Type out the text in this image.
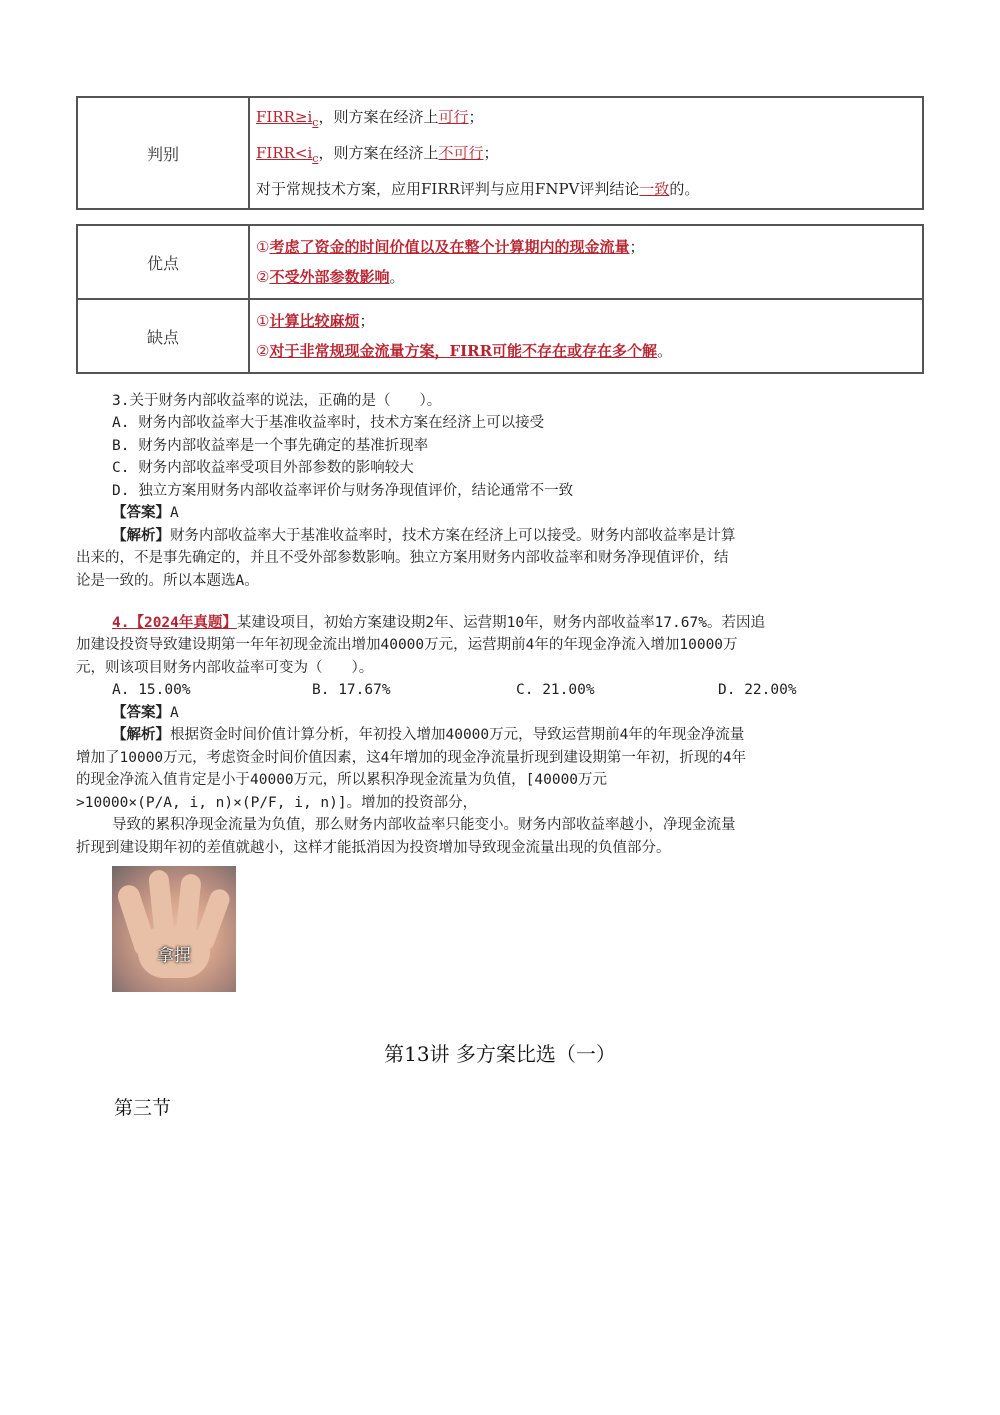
判别	
$FIRR\ge i_c$，则方案在经济上可行；
$FIRR<i_c$，则方案在经济上不可行；
对于常规技术方案，应用FIRR评判与应用FNPV评判结论一致的。
优点	①考虑了资金的时间价值以及在整个计算期内的现金流量；
②不受外部参数影响。

缺点	①计算比较麻烦；
②对于非常规现金流量方案，FIRR可能不存在或存在多个解。
3.关于财务内部收益率的说法，正确的是（　　）。
A. 财务内部收益率大于基准收益率时，技术方案在经济上可以接受
B. 财务内部收益率是一个事先确定的基准折现率
C. 财务内部收益率受项目外部参数的影响较大
D. 独立方案用财务内部收益率评价与财务净现值评价，结论通常不一致
【答案】A
【解析】财务内部收益率大于基准收益率时，技术方案在经济上可以接受。财务内部收益率是计算
出来的，不是事先确定的，并且不受外部参数影响。独立方案用财务内部收益率和财务净现值评价，结
论是一致的。所以本题选A。
4.【2024年真题】某建设项目，初始方案建设期2年、运营期10年，财务内部收益率17.67%。若因追
加建设投资导致建设期第一年年初现金流出增加40000万元，运营期前4年的年现金净流入增加10000万
元，则该项目财务内部收益率可变为（　　）。
A. 15.00%	B. 17.67%	C. 21.00%	D. 22.00%
【答案】A
【解析】根据资金时间价值计算分析，年初投入增加40000万元，导致运营期前4年的年现金净流量
增加了10000万元，考虑资金时间价值因素，这4年增加的现金净流量折现到建设期第一年初，折现的4年
的现金净流入值肯定是小于40000万元，所以累积净现金流量为负值，[40000万元
>10000×(P/A, i, n)×(P/F, i, n)]。增加的投资部分，
导致的累积净现金流量为负值，那么财务内部收益率只能变小。财务内部收益率越小，净现金流量
折现到建设期年初的差值就越小，这样才能抵消因为投资增加导致现金流量出现的负值部分。
拿捏
第13讲 多方案比选（一）
第三节
